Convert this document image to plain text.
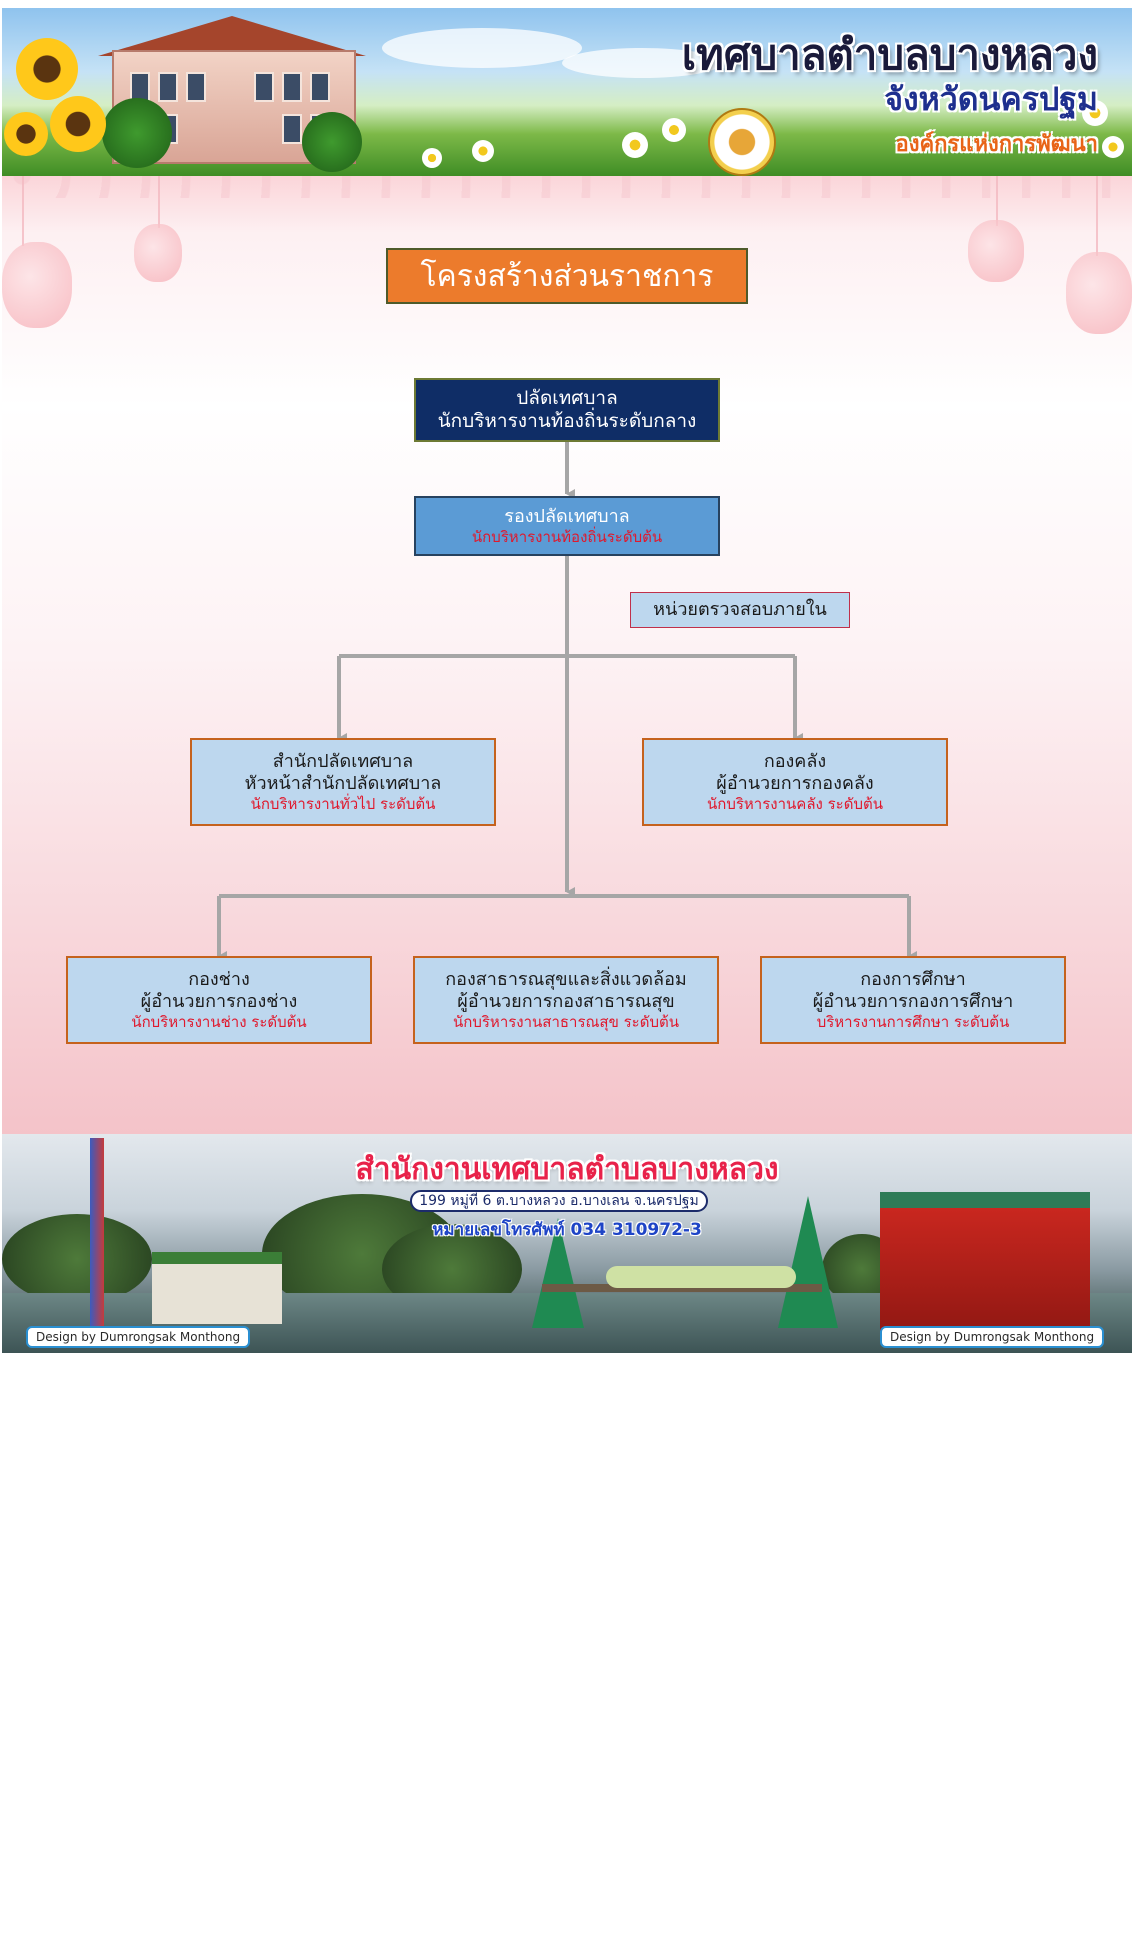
เทศบาลตำบลบางหลวง
จังหวัดนครปฐม
องค์กรแห่งการพัฒนา
โครงสร้างส่วนราชการ
ปลัดเทศบาล
นักบริหารงานท้องถิ่นระดับกลาง
รองปลัดเทศบาล
นักบริหารงานท้องถิ่นระดับต้น
หน่วยตรวจสอบภายใน
สำนักปลัดเทศบาล
หัวหน้าสำนักปลัดเทศบาล
นักบริหารงานทั่วไป ระดับต้น
กองคลัง
ผู้อำนวยการกองคลัง
นักบริหารงานคลัง ระดับต้น
กองช่าง
ผู้อำนวยการกองช่าง
นักบริหารงานช่าง ระดับต้น
กองสาธารณสุขและสิ่งแวดล้อม
ผู้อำนวยการกองสาธารณสุข
นักบริหารงานสาธารณสุข ระดับต้น
กองการศึกษา
ผู้อำนวยการกองการศึกษา
บริหารงานการศึกษา ระดับต้น
สำนักงานเทศบาลตำบลบางหลวง
199 หมู่ที่ 6 ต.บางหลวง อ.บางเลน จ.นครปฐม
หมายเลขโทรศัพท์ 034 310972-3
Design by Dumrongsak Monthong	Design by Dumrongsak Monthong
